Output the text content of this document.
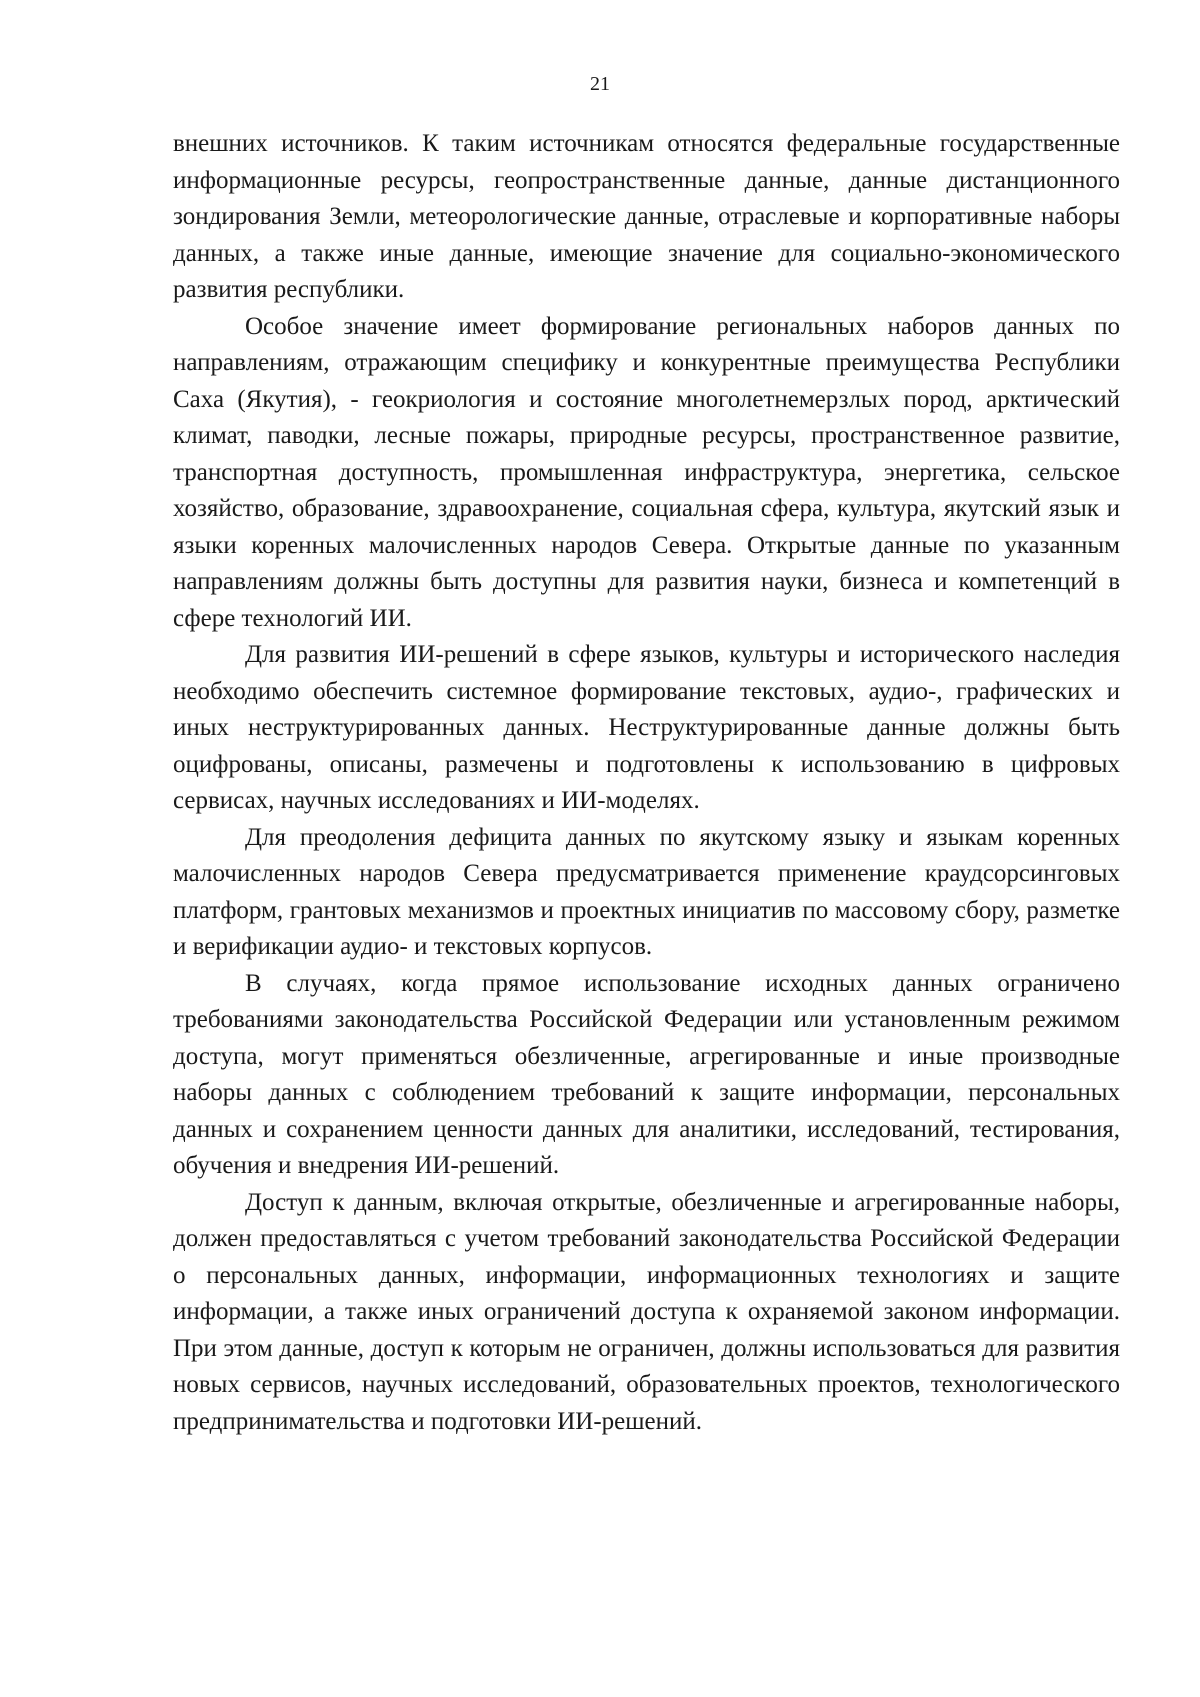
21

внешних источников. К таким источникам относятся федеральные государственные информационные ресурсы, геопространственные данные, данные дистанционного зондирования Земли, метеорологические данные, отраслевые и корпоративные наборы данных, а также иные данные, имеющие значение для социально-экономического развития республики.

Особое значение имеет формирование региональных наборов данных по направлениям, отражающим специфику и конкурентные преимущества Республики Саха (Якутия), - геокриология и состояние многолетнемерзлых пород, арктический климат, паводки, лесные пожары, природные ресурсы, пространственное развитие, транспортная доступность, промышленная инфраструктура, энергетика, сельское хозяйство, образование, здравоохранение, социальная сфера, культура, якутский язык и языки коренных малочисленных народов Севера. Открытые данные по указанным направлениям должны быть доступны для развития науки, бизнеса и компетенций в сфере технологий ИИ.

Для развития ИИ-решений в сфере языков, культуры и исторического наследия необходимо обеспечить системное формирование текстовых, аудио-, графических и иных неструктурированных данных. Неструктурированные данные должны быть оцифрованы, описаны, размечены и подготовлены к использованию в цифровых сервисах, научных исследованиях и ИИ-моделях.

Для преодоления дефицита данных по якутскому языку и языкам коренных малочисленных народов Севера предусматривается применение краудсорсинговых платформ, грантовых механизмов и проектных инициатив по массовому сбору, разметке и верификации аудио- и текстовых корпусов.

В случаях, когда прямое использование исходных данных ограничено требованиями законодательства Российской Федерации или установленным режимом доступа, могут применяться обезличенные, агрегированные и иные производные наборы данных с соблюдением требований к защите информации, персональных данных и сохранением ценности данных для аналитики, исследований, тестирования, обучения и внедрения ИИ-решений.

Доступ к данным, включая открытые, обезличенные и агрегированные наборы, должен предоставляться с учетом требований законодательства Российской Федерации о персональных данных, информации, информационных технологиях и защите информации, а также иных ограничений доступа к охраняемой законом информации. При этом данные, доступ к которым не ограничен, должны использоваться для развития новых сервисов, научных исследований, образовательных проектов, технологического предпринимательства и подготовки ИИ-решений.
